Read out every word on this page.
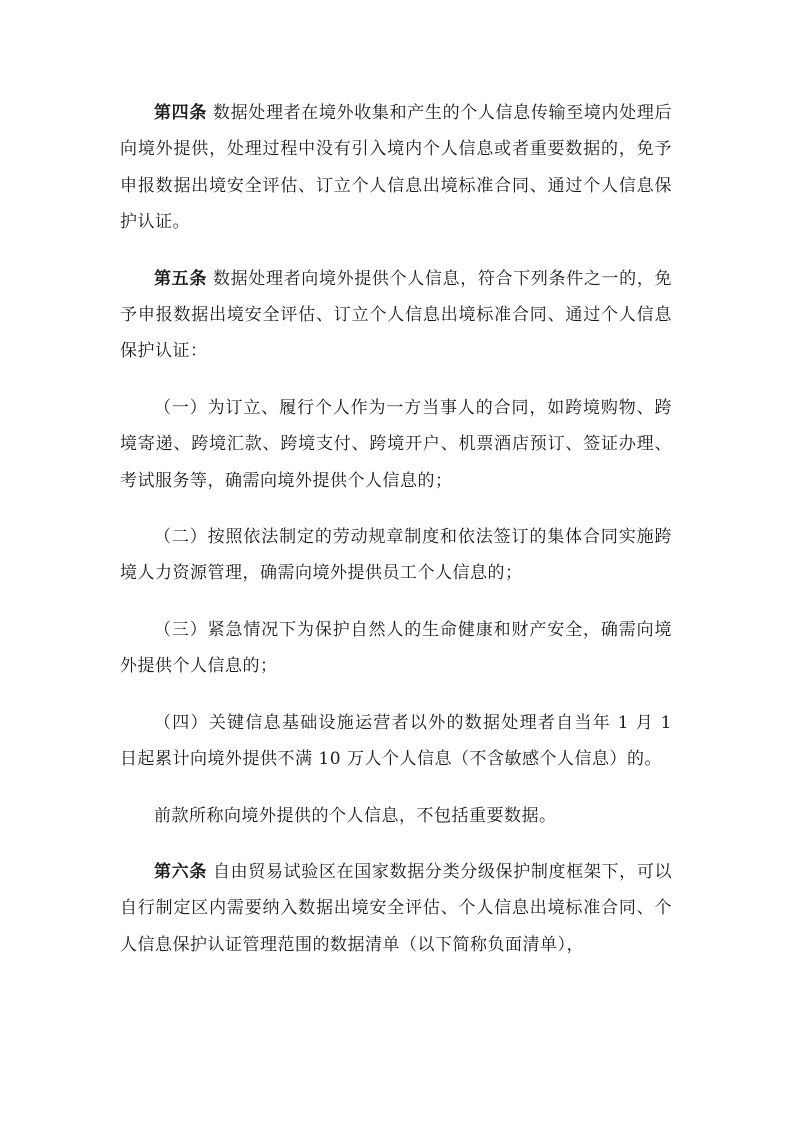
第四条 数据处理者在境外收集和产生的个人信息传输至境内处理后向境外提供，处理过程中没有引入境内个人信息或者重要数据的，免予申报数据出境安全评估、订立个人信息出境标准合同、通过个人信息保护认证。

第五条 数据处理者向境外提供个人信息，符合下列条件之一的，免予申报数据出境安全评估、订立个人信息出境标准合同、通过个人信息保护认证：

（一）为订立、履行个人作为一方当事人的合同，如跨境购物、跨境寄递、跨境汇款、跨境支付、跨境开户、机票酒店预订、签证办理、考试服务等，确需向境外提供个人信息的；

（二）按照依法制定的劳动规章制度和依法签订的集体合同实施跨境人力资源管理，确需向境外提供员工个人信息的；

（三）紧急情况下为保护自然人的生命健康和财产安全，确需向境外提供个人信息的；

（四）关键信息基础设施运营者以外的数据处理者自当年 1 月 1 日起累计向境外提供不满 10 万人个人信息（不含敏感个人信息）的。

前款所称向境外提供的个人信息，不包括重要数据。

第六条 自由贸易试验区在国家数据分类分级保护制度框架下，可以自行制定区内需要纳入数据出境安全评估、个人信息出境标准合同、个人信息保护认证管理范围的数据清单（以下简称负面清单），
